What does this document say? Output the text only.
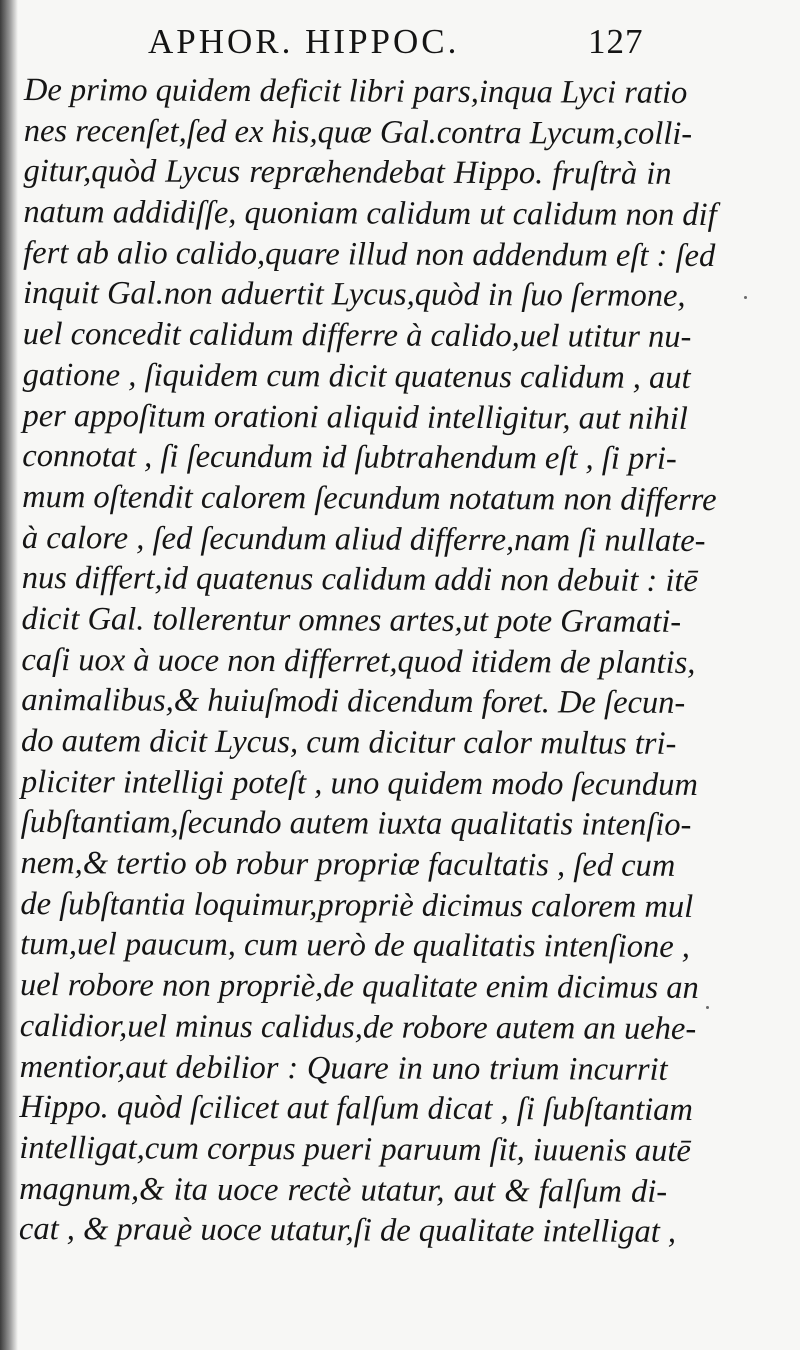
APHOR. HIPPOC.	127
De primo quidem deficit libri pars,inqua Lyci ratio
nes recenſet,ſed ex his,quæ Gal.contra Lycum,colli-
gitur,quòd Lycus repræhendebat Hippo. fruſtrà in
natum addidiſſe, quoniam calidum ut calidum non dif
fert ab alio calido,quare illud non addendum eſt : ſed
inquit Gal.non aduertit Lycus,quòd in ſuo ſermone,
uel concedit calidum differre à calido,uel utitur nu-
gatione , ſiquidem cum dicit quatenus calidum , aut
per appoſitum orationi aliquid intelligitur, aut nihil
connotat , ſi ſecundum id ſubtrahendum eſt , ſi pri-
mum oſtendit calorem ſecundum notatum non differre
à calore , ſed ſecundum aliud differre,nam ſi nullate-
nus differt,id quatenus calidum addi non debuit : itē
dicit Gal. tollerentur omnes artes,ut pote Gramati-
caſi uox à uoce non differret,quod itidem de plantis,
animalibus,& huiuſmodi dicendum foret. De ſecun-
do autem dicit Lycus, cum dicitur calor multus tri-
pliciter intelligi poteſt , uno quidem modo ſecundum
ſubſtantiam,ſecundo autem iuxta qualitatis intenſio-
nem,& tertio ob robur propriæ facultatis , ſed cum
de ſubſtantia loquimur,propriè dicimus calorem mul
tum,uel paucum, cum uerò de qualitatis intenſione ,
uel robore non propriè,de qualitate enim dicimus an
calidior,uel minus calidus,de robore autem an uehe-
mentior,aut debilior : Quare in uno trium incurrit
Hippo. quòd ſcilicet aut falſum dicat , ſi ſubſtantiam
intelligat,cum corpus pueri paruum ſit, iuuenis autē
magnum,& ita uoce rectè utatur, aut & falſum di-
cat , & prauè uoce utatur,ſi de qualitate intelligat ,
